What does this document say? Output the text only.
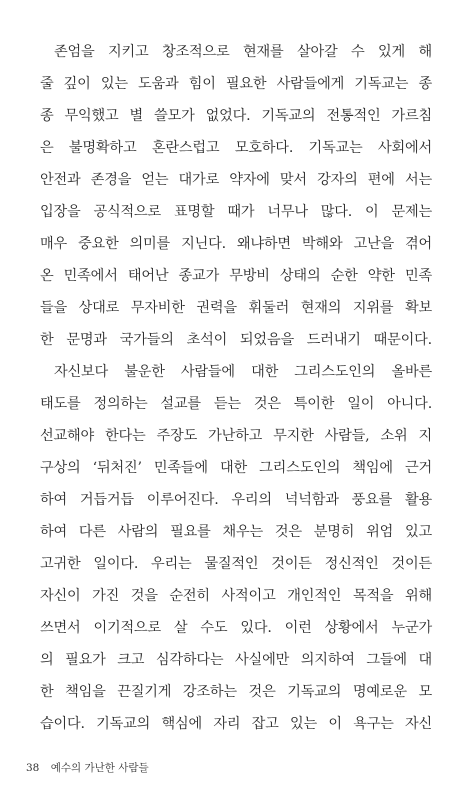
존엄을 지키고 창조적으로 현재를 살아갈 수 있게 해
줄 깊이 있는 도움과 힘이 필요한 사람들에게 기독교는 종
종 무익했고 별 쓸모가 없었다. 기독교의 전통적인 가르침
은 불명확하고 혼란스럽고 모호하다. 기독교는 사회에서
안전과 존경을 얻는 대가로 약자에 맞서 강자의 편에 서는
입장을 공식적으로 표명할 때가 너무나 많다. 이 문제는
매우 중요한 의미를 지닌다. 왜냐하면 박해와 고난을 겪어
온 민족에서 태어난 종교가 무방비 상태의 순한 약한 민족
들을 상대로 무자비한 권력을 휘둘러 현재의 지위를 확보
한 문명과 국가들의 초석이 되었음을 드러내기 때문이다.
자신보다 불운한 사람들에 대한 그리스도인의 올바른
태도를 정의하는 설교를 듣는 것은 특이한 일이 아니다.
선교해야 한다는 주장도 가난하고 무지한 사람들, 소위 지
구상의 ‘뒤처진’ 민족들에 대한 그리스도인의 책임에 근거
하여 거듭거듭 이루어진다. 우리의 넉넉함과 풍요를 활용
하여 다른 사람의 필요를 채우는 것은 분명히 위엄 있고
고귀한 일이다. 우리는 물질적인 것이든 정신적인 것이든
자신이 가진 것을 순전히 사적이고 개인적인 목적을 위해
쓰면서 이기적으로 살 수도 있다. 이런 상황에서 누군가
의 필요가 크고 심각하다는 사실에만 의지하여 그들에 대
한 책임을 끈질기게 강조하는 것은 기독교의 명예로운 모
습이다. 기독교의 핵심에 자리 잡고 있는 이 욕구는 자신
38 예수의 가난한 사람들
